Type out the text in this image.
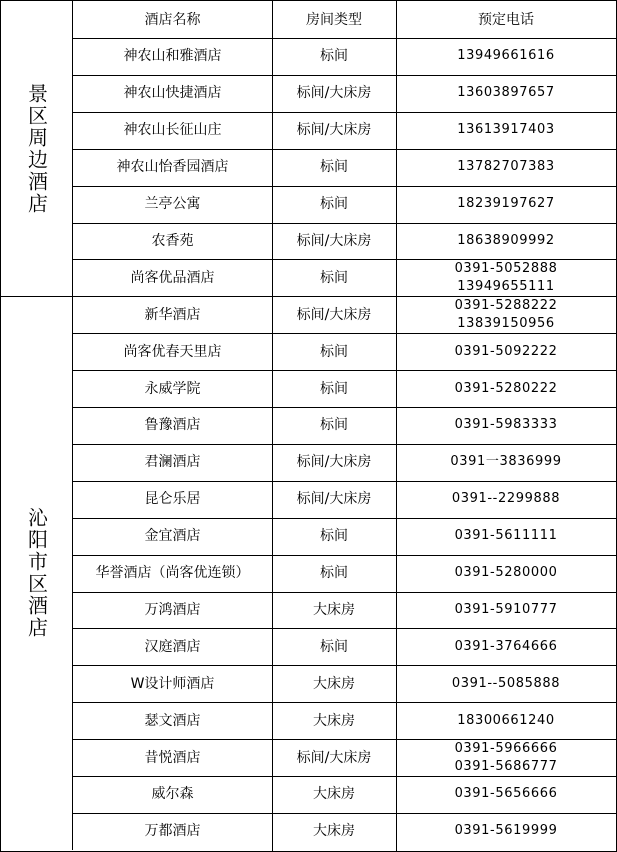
酒店名称	房间类型	预定电话
神农山和雅酒店	标间	13949661616
神农山快捷酒店	标间/大床房	13603897657
神农山长征山庄	标间/大床房	13613917403
神农山怡香园酒店	标间	13782707383
兰亭公寓	标间	18239197627
农香苑	标间/大床房	18638909992
尚客优品酒店	标间
0391-5052888
13949655111
景区周边酒店
新华酒店	标间/大床房
0391-5288222
13839150956
尚客优春天里店	标间	0391-5092222
永威学院	标间	0391-5280222
鲁豫酒店	标间	0391-5983333
君澜酒店	标间/大床房	0391一3836999
昆仑乐居	标间/大床房	0391--2299888
金宜酒店	标间	0391-5611111
华誉酒店（尚客优连锁）	标间	0391-5280000
万鸿酒店	大床房	0391-5910777
汉庭酒店	标间	0391-3764666
W设计师酒店	大床房	0391--5085888
瑟文酒店	大床房	18300661240
昔悦酒店	标间/大床房
0391-5966666
0391-5686777
威尔森	大床房	0391-5656666
万都酒店	大床房	0391-5619999
沁阳市区酒店
